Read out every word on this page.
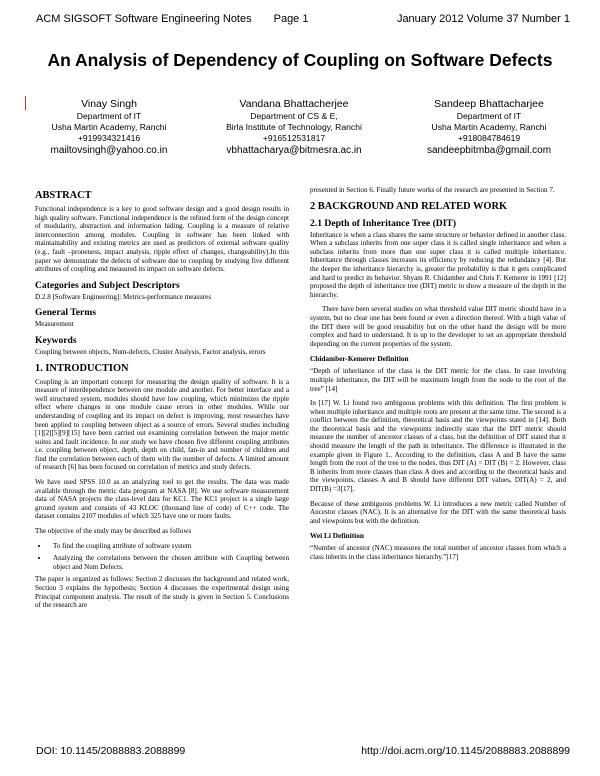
ACM SIGSOFT Software Engineering Notes Page 1	January 2012 Volume 37 Number 1
An Analysis of Dependency of Coupling on Software Defects
Vinay Singh
Department of IT
Usha Martin Academy, Ranchi
+919934321416
mailtovsingh@yahoo.co.in
Vandana Bhattacherjee
Department of CS & E,
Birla Institute of Technology, Ranchi
+916512531817
vbhattacharya@bitmesra.ac.in
Sandeep Bhattacharjee
Department of IT
Usha Martin Academy, Ranchi
+918084784619
sandeepbitmba@gmail.com
ABSTRACT

Functional independence is a key to good software design and a good design results in high quality software. Functional independence is the refined form of the design concept of modularity, abstraction and information hiding. Coupling is a measure of relative interconnection among modules. Coupling in software has been linked with maintainability and existing metrics are used as predictors of external software quality (e.g., fault –proneness, impact analysis, ripple effect of changes, changeability).In this paper we demonstrate the defects of software due to coupling by studying five different attributes of coupling and measured its impact on software defects.

Categories and Subject Descriptors

D.2.8 [Software Engineering]: Metrics-performance measures

General Terms

Measurement

Keywords

Coupling between objects, Num-defects, Cluster Analysis, Factor analysis, errors

1. INTRODUCTION

Coupling is an important concept for measuring the design quality of software. It is a measure of interdependence between one module and another. For better interface and a well structured system, modules should have low coupling, which minimizes the ripple effect where changes in one module cause errors in other modules. While our understanding of coupling and its impact on defect is improving, most researches have been applied to coupling between object as a source of errors. Several studies including [1][2][5][9][15] have been carried out examining correlation between the major metric suites and fault incidence. In our study we have chosen five different coupling attributes i.e. coupling between object, depth, depth on child, fan-in and number of children and find the correlation between each of them with the number of defects. A limited amount of research [6] has been focused on correlation of metrics and study defects.

We have used SPSS 10.0 as an analyzing tool to get the results. The data was made available through the metric data program at NASA [8]. We use software measurement data of NASA projects the class-level data for KC1. The KC1 project is a single large ground system and consists of 43 KLOC (thousand line of code) of C++ code. The dataset contains 2107 modules of which 325 have one or more faults.

The objective of the study may be described as follows

• To find the coupling attribute of software system
• Analyzing the correlations between the chosen attribute with Coupling between object and Num Defects.

The paper is organized as follows: Section 2 discusses the background and related work, Section 3 explains the hypothesis; Section 4 discusses the experimental design using Principal component analysis. The result of the study is given in Section 5. Conclusions of the research are

presented in Section 6. Finally future works of the research are presented in Section 7.

2 BACKGROUND AND RELATED WORK
2.1 Depth of Inheritance Tree (DIT)

Inheritance is when a class shares the same structure or behavior defined in another class. When a subclass inherits from one super class it is called single inheritance and when a subclass inherits from more than one super class it is called multiple inheritance. Inheritance through classes increases its efficiency by reducing the redundancy [4]. But the deeper the inheritance hierarchy is, greater the probability is that it gets complicated and hard to predict its behavior. Shyam R. Chidamber and Chris F. Kemerer in 1991 [12] proposed the depth of inheritance tree (DIT) metric to show a measure of the depth in the hierarchy.

There have been several studies on what threshold value DIT metric should have in a system, but no clear one has been found or even a direction thereof. With a high value of the DIT there will be good reusability but on the other hand the design will be more complex and hard to understand. It is up to the developer to set an appropriate threshold depending on the current properties of the system.

Chidamber-Kemerer Definition

“Depth of inheritance of the class is the DIT metric for the class. In case involving multiple inheritance, the DIT will be maximum length from the node to the root of the tree” [14]

In [17] W. Li found two ambiguous problems with this definition. The first problem is when multiple inheritance and multiple roots are present at the same time. The second is a conflict between the definition, theoretical basis and the viewpoints stated in [14]. Both the theoretical basis and the viewpoints indirectly state that the DIT metric should measure the number of ancestor classes of a class, but the definition of DIT stated that it should measure the length of the path in inheritance. The difference is illustrated in the example given in Figure 1.. According to the definition, class A and B have the same length from the root of the tree to the nodes, thus DIT (A) = DIT (B) = 2. However, class B inherits from more classes than class A does and according to the theoretical basis and the viewpoints, classes A and B should have different DIT values, DIT(A) = 2, and DIT(B) =3[17].

Because of these ambiguous problems W. Li introduces a new metric called Number of Ancestor classes (NAC). It is an alternative for the DIT with the same theoretical basis and viewpoints but with the definition.

Wei Li Definition

“Number of ancestor (NAC) measures the total number of ancestor classes from which a class inherits in the class inheritance hierarchy.”[17]

DOI: 10.1145/2088883.2088899	http://doi.acm.org/10.1145/2088883.2088899
